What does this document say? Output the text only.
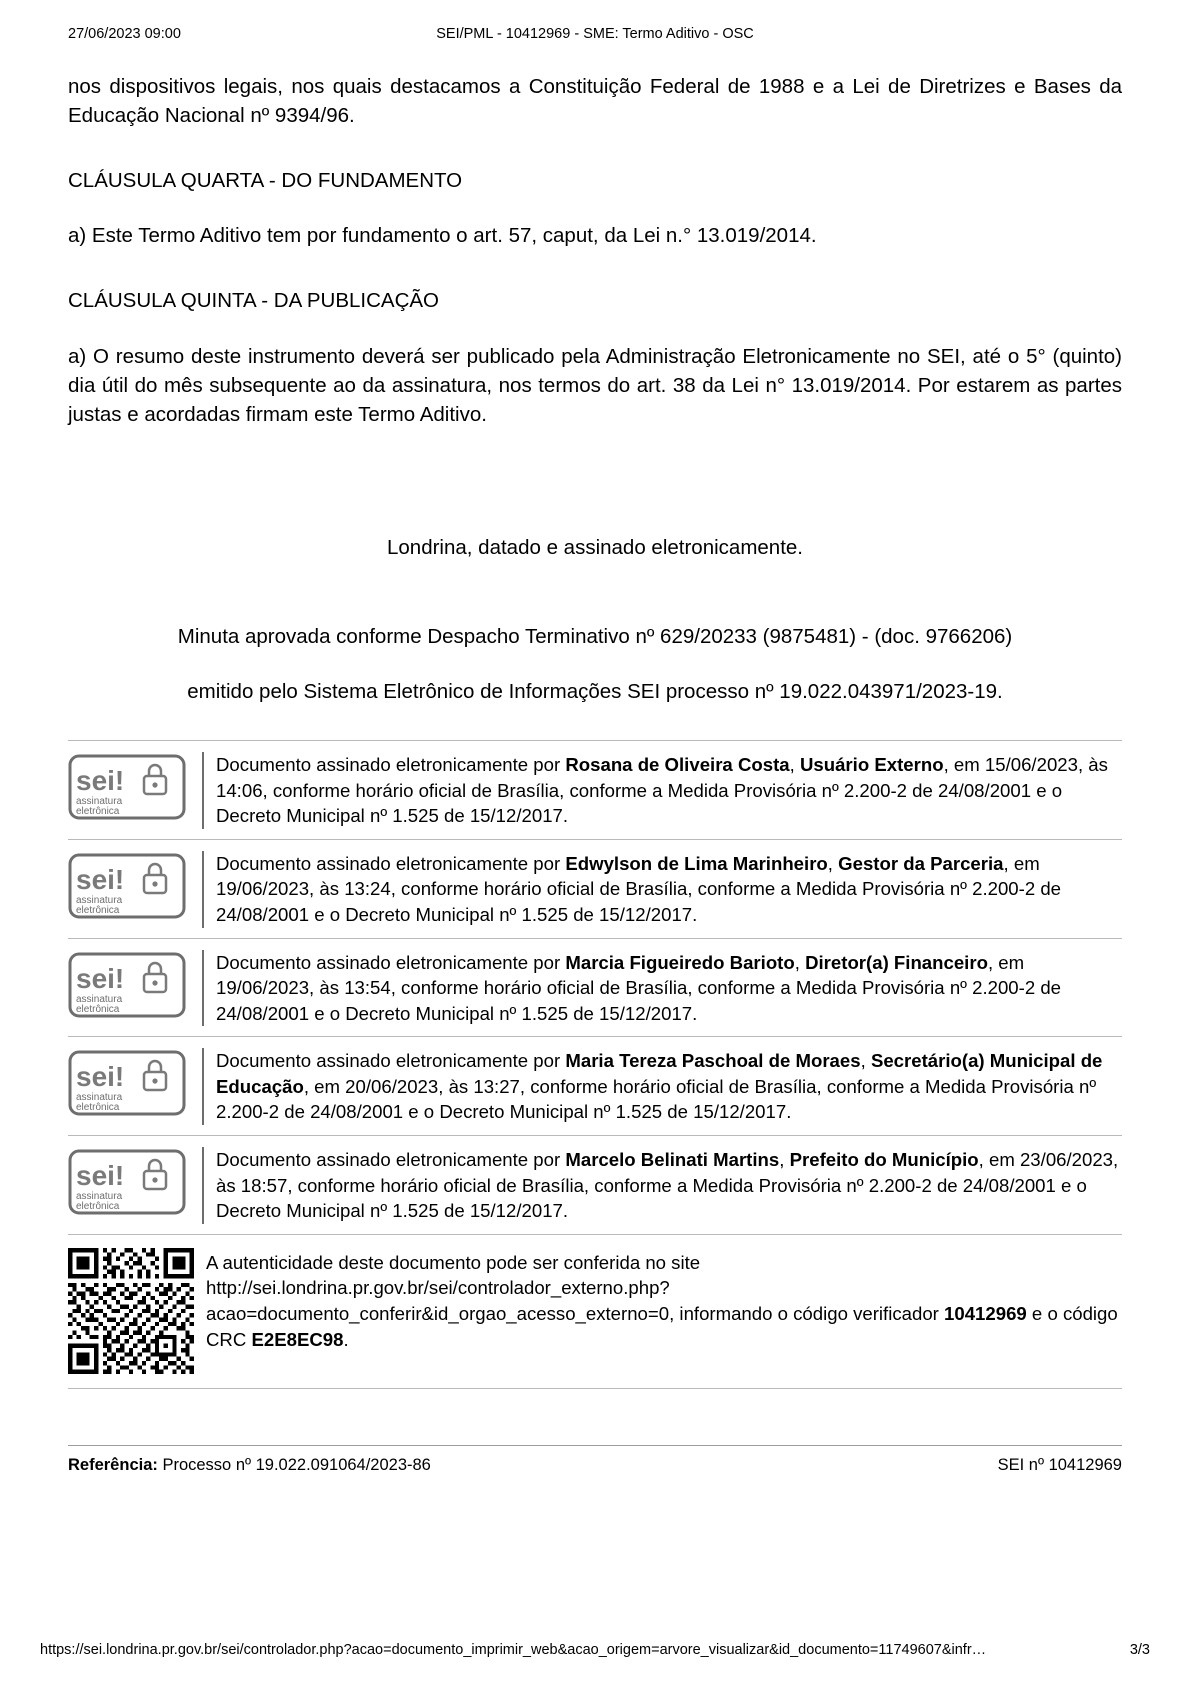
27/06/2023 09:00	SEI/PML - 10412969 - SME: Termo Aditivo - OSC

nos dispositivos legais, nos quais destacamos a Constituição Federal de 1988 e a Lei de Diretrizes e Bases da Educação Nacional nº 9394/96.

CLÁUSULA QUARTA - DO FUNDAMENTO

a) Este Termo Aditivo tem por fundamento o art. 57, caput, da Lei n.° 13.019/2014.

CLÁUSULA QUINTA - DA PUBLICAÇÃO

a) O resumo deste instrumento deverá ser publicado pela Administração Eletronicamente no SEI, até o 5° (quinto) dia útil do mês subsequente ao da assinatura, nos termos do art. 38 da Lei n° 13.019/2014. Por estarem as partes justas e acordadas firmam este Termo Aditivo.

Londrina, datado e assinado eletronicamente.

Minuta aprovada conforme Despacho Terminativo nº 629/20233 (9875481) - (doc. 9766206)

emitido pelo Sistema Eletrônico de Informações SEI processo nº 19.022.043971/2023-19.

sei!
assinatura
eletrônica
Documento assinado eletronicamente por Rosana de Oliveira Costa, Usuário Externo, em 15/06/2023, às 14:06, conforme horário oficial de Brasília, conforme a Medida Provisória nº 2.200-2 de 24/08/2001 e o Decreto Municipal nº 1.525 de 15/12/2017.
sei!
assinatura
eletrônica
Documento assinado eletronicamente por Edwylson de Lima Marinheiro, Gestor da Parceria, em 19/06/2023, às 13:24, conforme horário oficial de Brasília, conforme a Medida Provisória nº 2.200-2 de 24/08/2001 e o Decreto Municipal nº 1.525 de 15/12/2017.
sei!
assinatura
eletrônica
Documento assinado eletronicamente por Marcia Figueiredo Barioto, Diretor(a) Financeiro, em 19/06/2023, às 13:54, conforme horário oficial de Brasília, conforme a Medida Provisória nº 2.200-2 de 24/08/2001 e o Decreto Municipal nº 1.525 de 15/12/2017.
sei!
assinatura
eletrônica
Documento assinado eletronicamente por Maria Tereza Paschoal de Moraes, Secretário(a) Municipal de Educação, em 20/06/2023, às 13:27, conforme horário oficial de Brasília, conforme a Medida Provisória nº 2.200-2 de 24/08/2001 e o Decreto Municipal nº 1.525 de 15/12/2017.
sei!
assinatura
eletrônica
Documento assinado eletronicamente por Marcelo Belinati Martins, Prefeito do Município, em 23/06/2023, às 18:57, conforme horário oficial de Brasília, conforme a Medida Provisória nº 2.200-2 de 24/08/2001 e o Decreto Municipal nº 1.525 de 15/12/2017.
A autenticidade deste documento pode ser conferida no site http://sei.londrina.pr.gov.br/sei/controlador_externo.php?acao=documento_conferir&id_orgao_acesso_externo=0, informando o código verificador 10412969 e o código CRC E2E8EC98.
Referência: Processo nº 19.022.091064/2023-86	SEI nº 10412969
https://sei.londrina.pr.gov.br/sei/controlador.php?acao=documento_imprimir_web&acao_origem=arvore_visualizar&id_documento=11749607&infr…	3/3
